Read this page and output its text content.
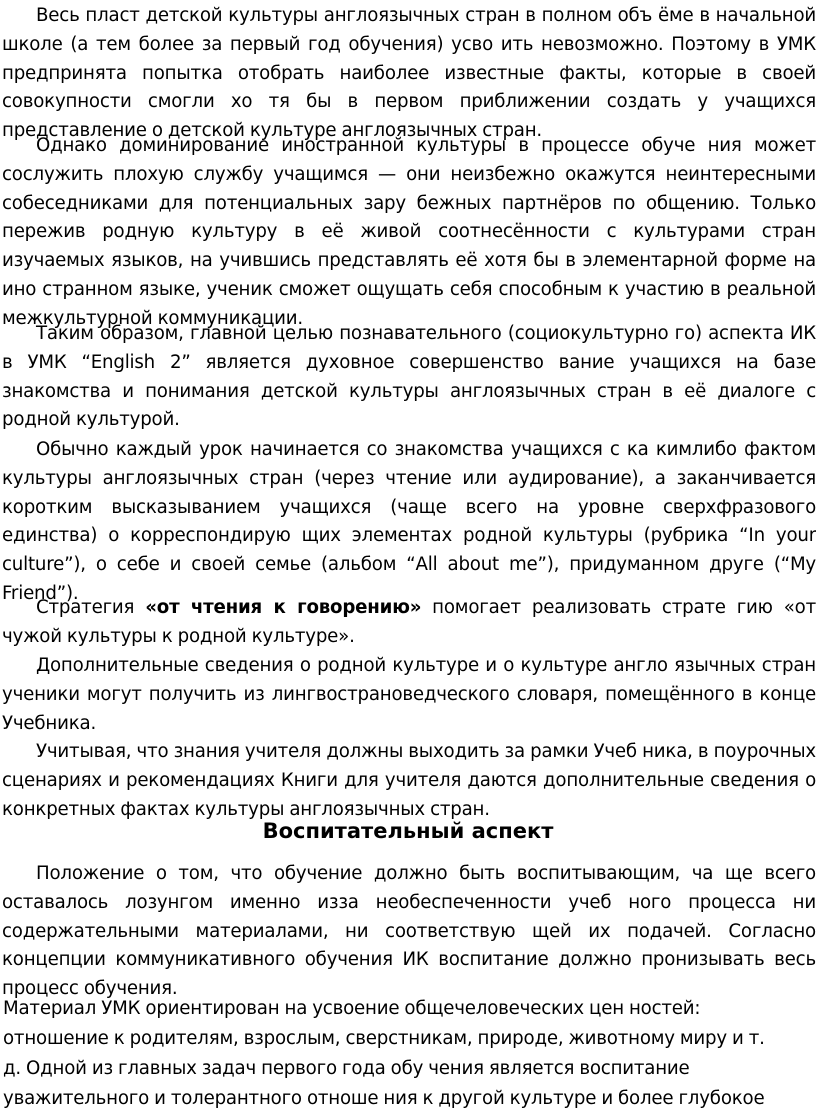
Весь пласт детской культуры англоязычных стран в полном объ ёме в начальной школе (а тем более за первый год обучения) усво ить невозможно. Поэтому в УМК предпринята попытка отобрать наиболее известные факты, которые в своей совокупности смогли хо тя бы в первом приближении создать у учащихся представление о детской культуре англоязычных стран.

Однако доминирование иностранной культуры в процессе обуче ния может сослужить плохую службу учащимся — они неизбежно окажутся неинтересными собеседниками для потенциальных зару бежных партнёров по общению. Только пережив родную культуру в её живой соотнесённости с культурами стран изучаемых языков, на учившись представлять её хотя бы в элементарной форме на ино странном языке, ученик сможет ощущать себя способным к участию в реальной межкультурной коммуникации.

Таким образом, главной целью познавательного (социокультурно го) аспекта ИК в УМК “English 2” является духовное совершенство вание учащихся на базе знакомства и понимания детской культуры англоязычных стран в её диалоге с родной культурой.

Обычно каждый урок начинается со знакомства учащихся с ка кимлибо фактом культуры англоязычных стран (через чтение или аудирование), а заканчивается коротким высказыванием учащихся (чаще всего на уровне сверхфразового единства) о корреспондирую щих элементах родной культуры (рубрика “In your culture”), о себе и своей семье (альбом “All about me”), придуманном друге (“My Friend”).

Стратегия «от чтения к говорению» помогает реализовать страте гию «от чужой культуры к родной культуре».

Дополнительные сведения о родной культуре и о культуре англо язычных стран ученики могут получить из лингвострановедческого словаря, помещённого в конце Учебника.

Учитывая, что знания учителя должны выходить за рамки Учеб ника, в поурочных сценариях и рекомендациях Книги для учителя даются дополнительные сведения о конкретных фактах культуры англоязычных стран.

Воспитательный аспект

Положение о том, что обучение должно быть воспитывающим, ча ще всего оставалось лозунгом именно изза необеспеченности учеб ного процесса ни содержательными материалами, ни соответствую щей их подачей. Согласно концепции коммуникативного обучения ИК воспитание должно пронизывать весь процесс обучения.

Материал УМК ориентирован на усвоение общечеловеческих цен ностей:
отношение к родителям, взрослым, сверстникам, природе, животному миру и т.
д. Одной из главных задач первого года обу чения является воспитание
уважительного и толерантного отноше ния к другой культуре и более глубокое
